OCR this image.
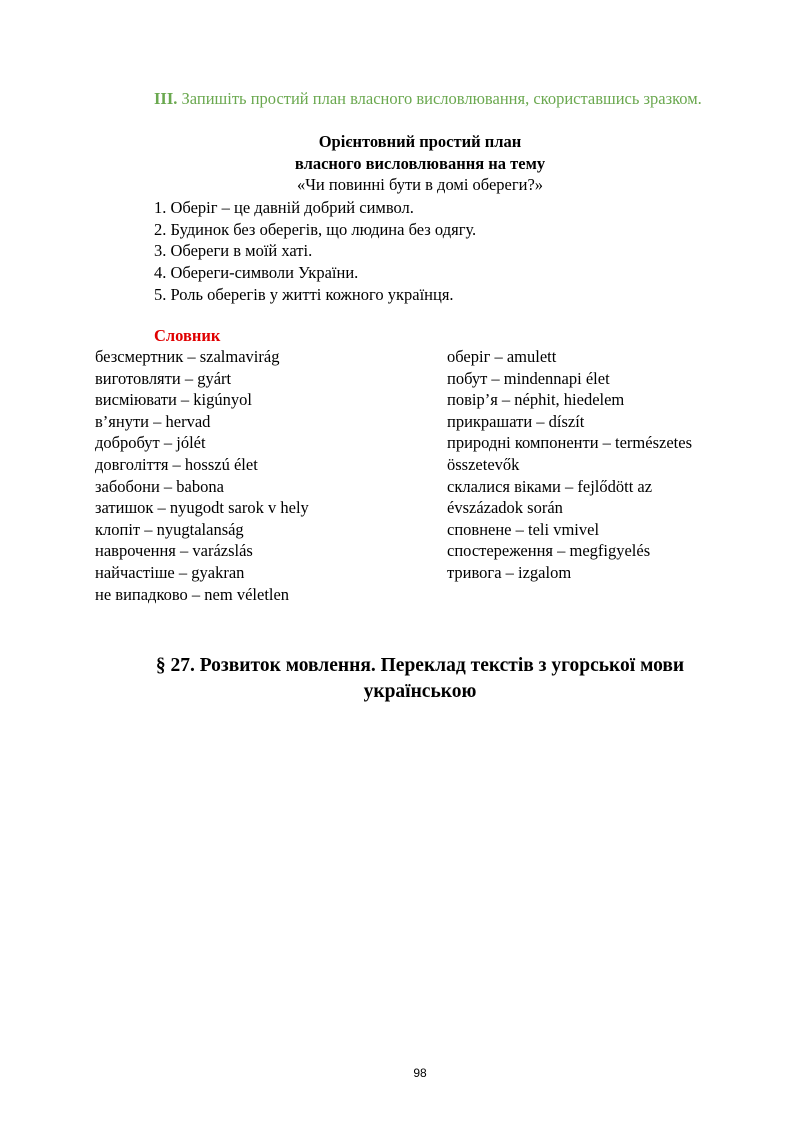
III. Запишіть простий план власного висловлювання, скориставшись зразком.

Орієнтовний простий план
власного висловлювання на тему
«Чи повинні бути в домі обереги?»
1. Оберіг – це давній добрий символ.
2. Будинок без оберегів, що людина без одягу.
3. Обереги в моїй хаті.
4. Обереги-символи України.
5. Роль оберегів у житті кожного українця.
Словник
безсмертник – szalmavirág
виготовляти – gyárt
висміювати – kigúnyol
в’янути – hervad
добробут – jólét
довголіття – hosszú élet
забобони – babona
затишок – nyugodt sarok v hely
клопіт – nyugtalanság
наврочення – varázslás
найчастіше – gyakran
не випадково – nem véletlen
оберіг – amulett
побут – mindennapi élet
повір’я – néphit, hiedelem
прикрашати – díszít
природні компоненти – természetes
összetevők
склалися віками – fejlődött az
évszázadok során
сповнене – teli vmivel
спостереження – megfigyelés
тривога – izgalom
§ 27. Розвиток мовлення. Переклад текстів з угорської мови
українською
98
